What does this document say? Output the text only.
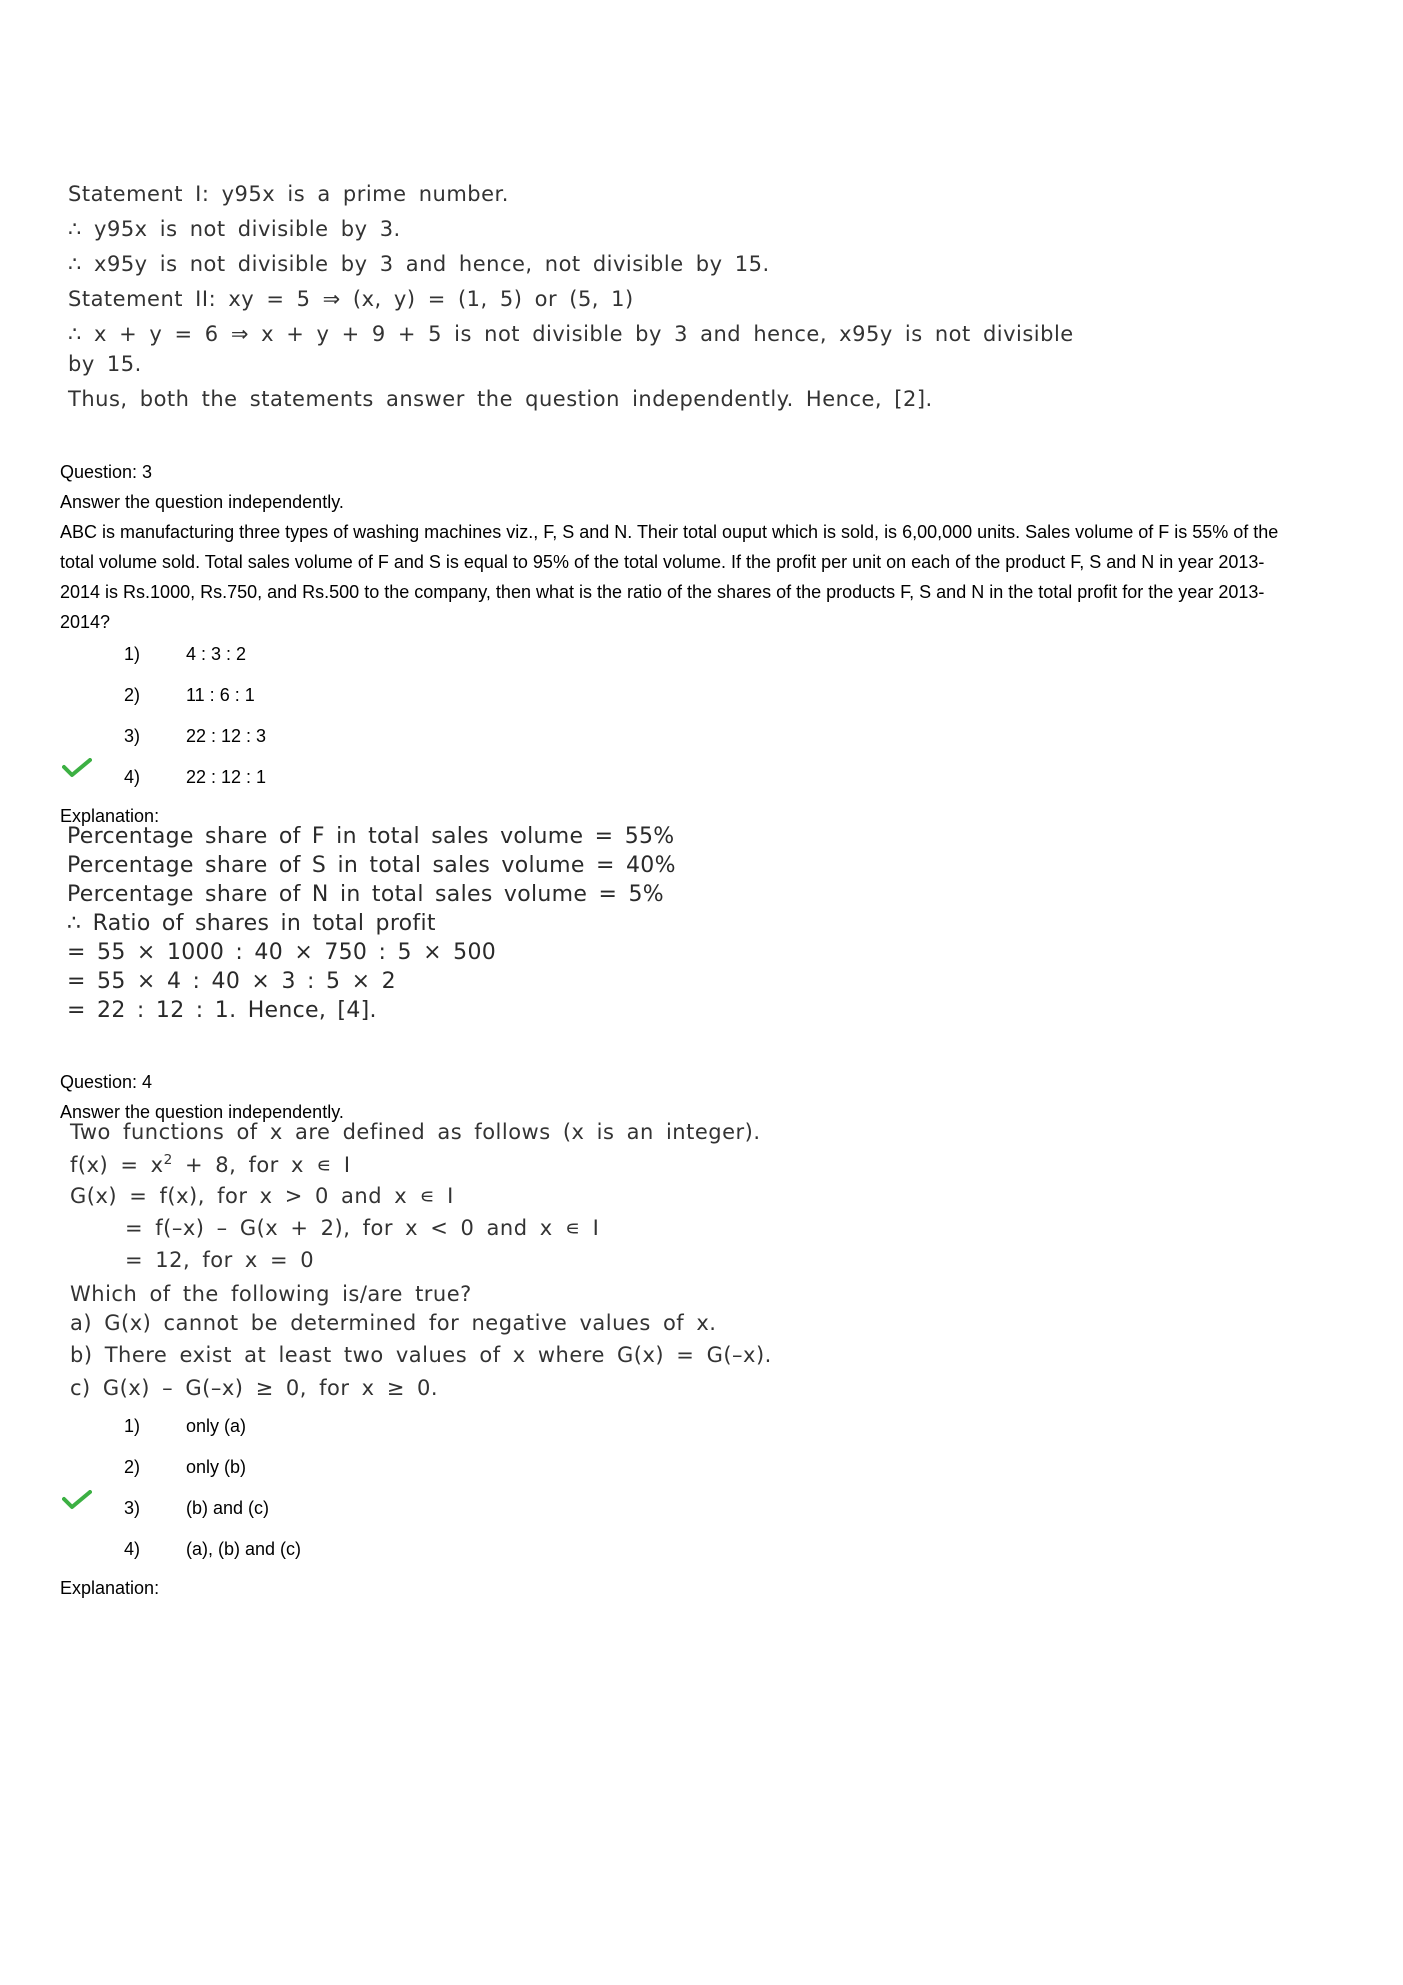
Statement I: y95x is a prime number.
∴ y95x is not divisible by 3.
∴ x95y is not divisible by 3 and hence, not divisible by 15.
Statement II: xy = 5 ⇒ (x, y) = (1, 5) or (5, 1)
∴ x + y = 6 ⇒ x + y + 9 + 5 is not divisible by 3 and hence, x95y is not divisible
by 15.
Thus, both the statements answer the question independently. Hence, [2].
Question: 3
Answer the question independently.
ABC is manufacturing three types of washing machines viz., F, S and N. Their total ouput which is sold, is 6,00,000 units. Sales volume of F is 55% of the total volume sold. Total sales volume of F and S is equal to 95% of the total volume. If the profit per unit on each of the product F, S and N in year 2013-2014 is Rs.1000, Rs.750, and Rs.500 to the company, then what is the ratio of the shares of the products F, S and N in the total profit for the year 2013-2014?
1)	4 : 3 : 2
2)	11 : 6 : 1
3)	22 : 12 : 3
4)	22 : 12 : 1
Explanation:
Percentage share of F in total sales volume = 55%
Percentage share of S in total sales volume = 40%
Percentage share of N in total sales volume = 5%
∴ Ratio of shares in total profit
= 55 × 1000 : 40 × 750 : 5 × 500
= 55 × 4 : 40 × 3 : 5 × 2
= 22 : 12 : 1. Hence, [4].
Question: 4
Answer the question independently.
Two functions of x are defined as follows (x is an integer).
$f(x) = x^2 + 8$, for x ∊ I
G(x) = f(x), for x > 0 and x ∊ I
= f(–x) – G(x + 2), for x < 0 and x ∊ I
= 12, for x = 0
Which of the following is/are true?
a) G(x) cannot be determined for negative values of x.
b) There exist at least two values of x where G(x) = G(–x).
c) G(x) – G(–x) ≥ 0, for x ≥ 0.
1)	only (a)
2)	only (b)
3)	(b) and (c)
4)	(a), (b) and (c)
Explanation:
